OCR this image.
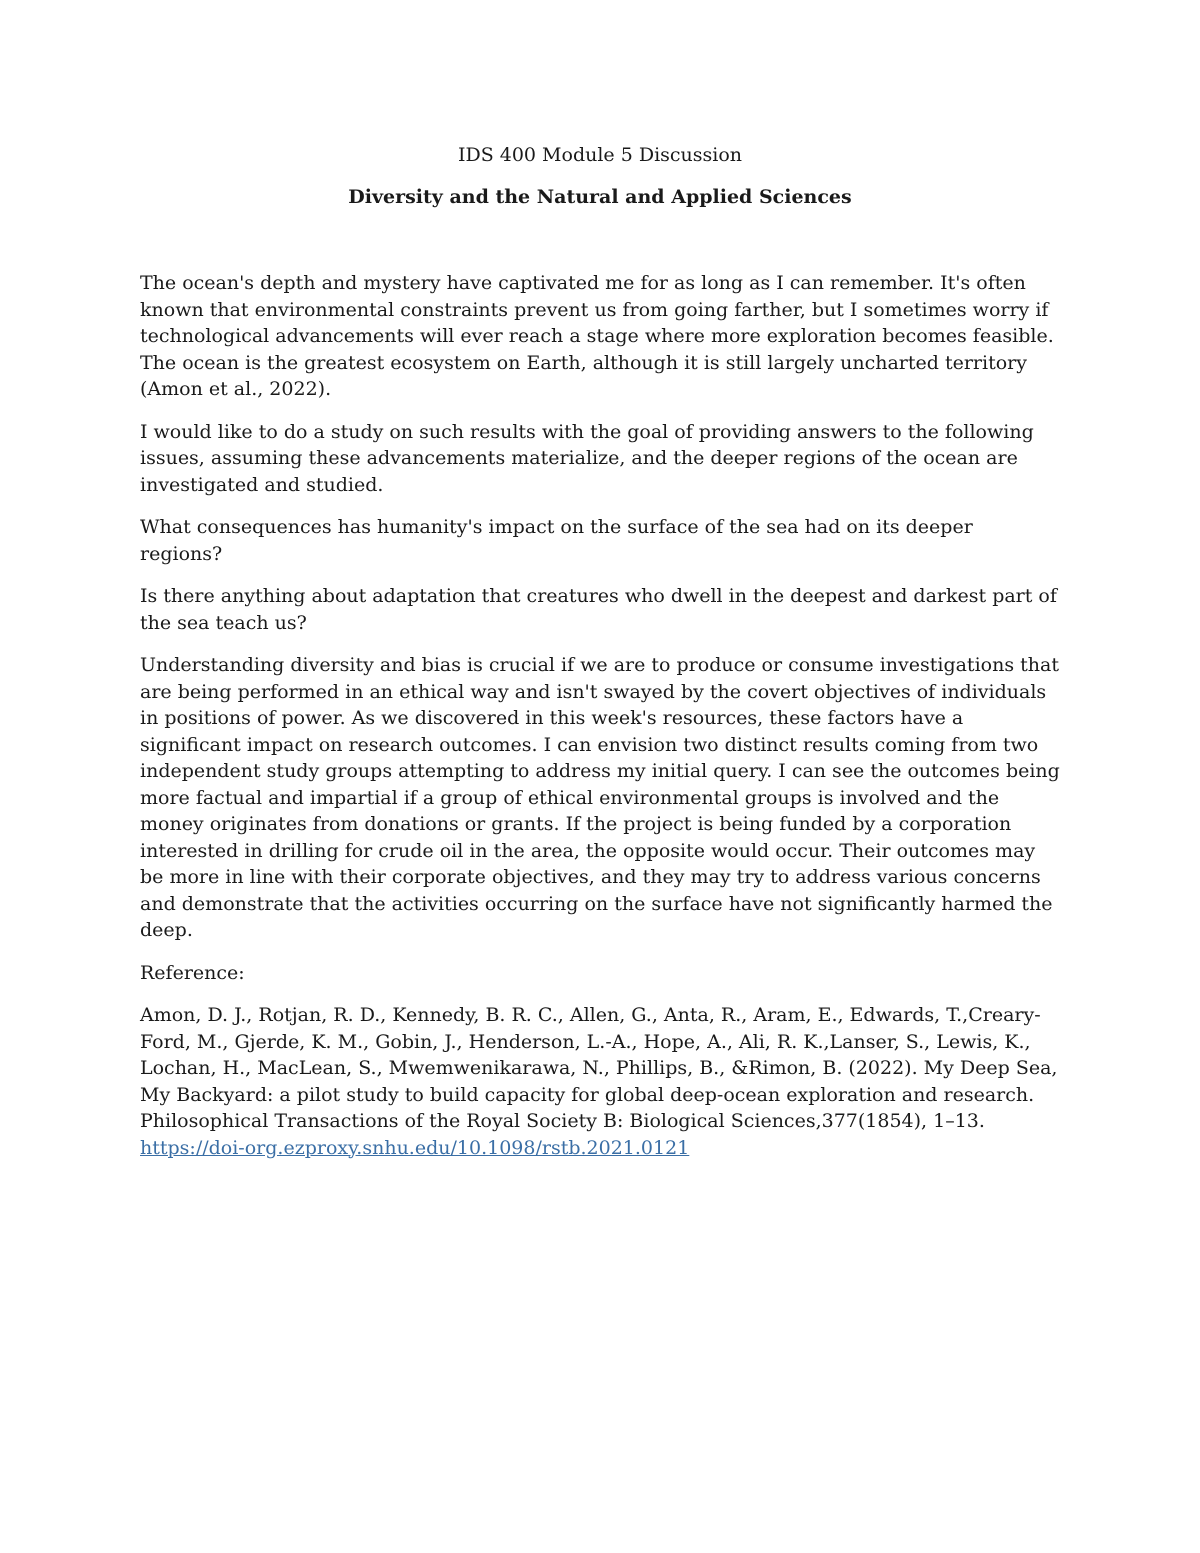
IDS 400 Module 5 Discussion
Diversity and the Natural and Applied Sciences

The ocean's depth and mystery have captivated me for as long as I can remember. It's often known that environmental constraints prevent us from going farther, but I sometimes worry if technological advancements will ever reach a stage where more exploration becomes feasible. The ocean is the greatest ecosystem on Earth, although it is still largely uncharted territory (Amon et al., 2022).

I would like to do a study on such results with the goal of providing answers to the following issues, assuming these advancements materialize, and the deeper regions of the ocean are investigated and studied.

What consequences has humanity's impact on the surface of the sea had on its deeper regions?

Is there anything about adaptation that creatures who dwell in the deepest and darkest part of the sea teach us?

Understanding diversity and bias is crucial if we are to produce or consume investigations that are being performed in an ethical way and isn't swayed by the covert objectives of individuals in positions of power. As we discovered in this week's resources, these factors have a significant impact on research outcomes. I can envision two distinct results coming from two independent study groups attempting to address my initial query. I can see the outcomes being more factual and impartial if a group of ethical environmental groups is involved and the money originates from donations or grants. If the project is being funded by a corporation interested in drilling for crude oil in the area, the opposite would occur. Their outcomes may be more in line with their corporate objectives, and they may try to address various concerns and demonstrate that the activities occurring on the surface have not significantly harmed the deep.

Reference:

Amon, D. J., Rotjan, R. D., Kennedy, B. R. C., Allen, G., Anta, R., Aram, E., Edwards, T.,Creary-Ford, M., Gjerde, K. M., Gobin, J., Henderson, L.-A., Hope, A., Ali, R. K.,Lanser, S., Lewis, K., Lochan, H., MacLean, S., Mwemwenikarawa, N., Phillips, B., &Rimon, B. (2022). My Deep Sea, My Backyard: a pilot study to build capacity for global deep-ocean exploration and research. Philosophical Transactions of the Royal Society B: Biological Sciences,377(1854), 1–13. https://doi-org.ezproxy.snhu.edu/10.1098/rstb.2021.0121
